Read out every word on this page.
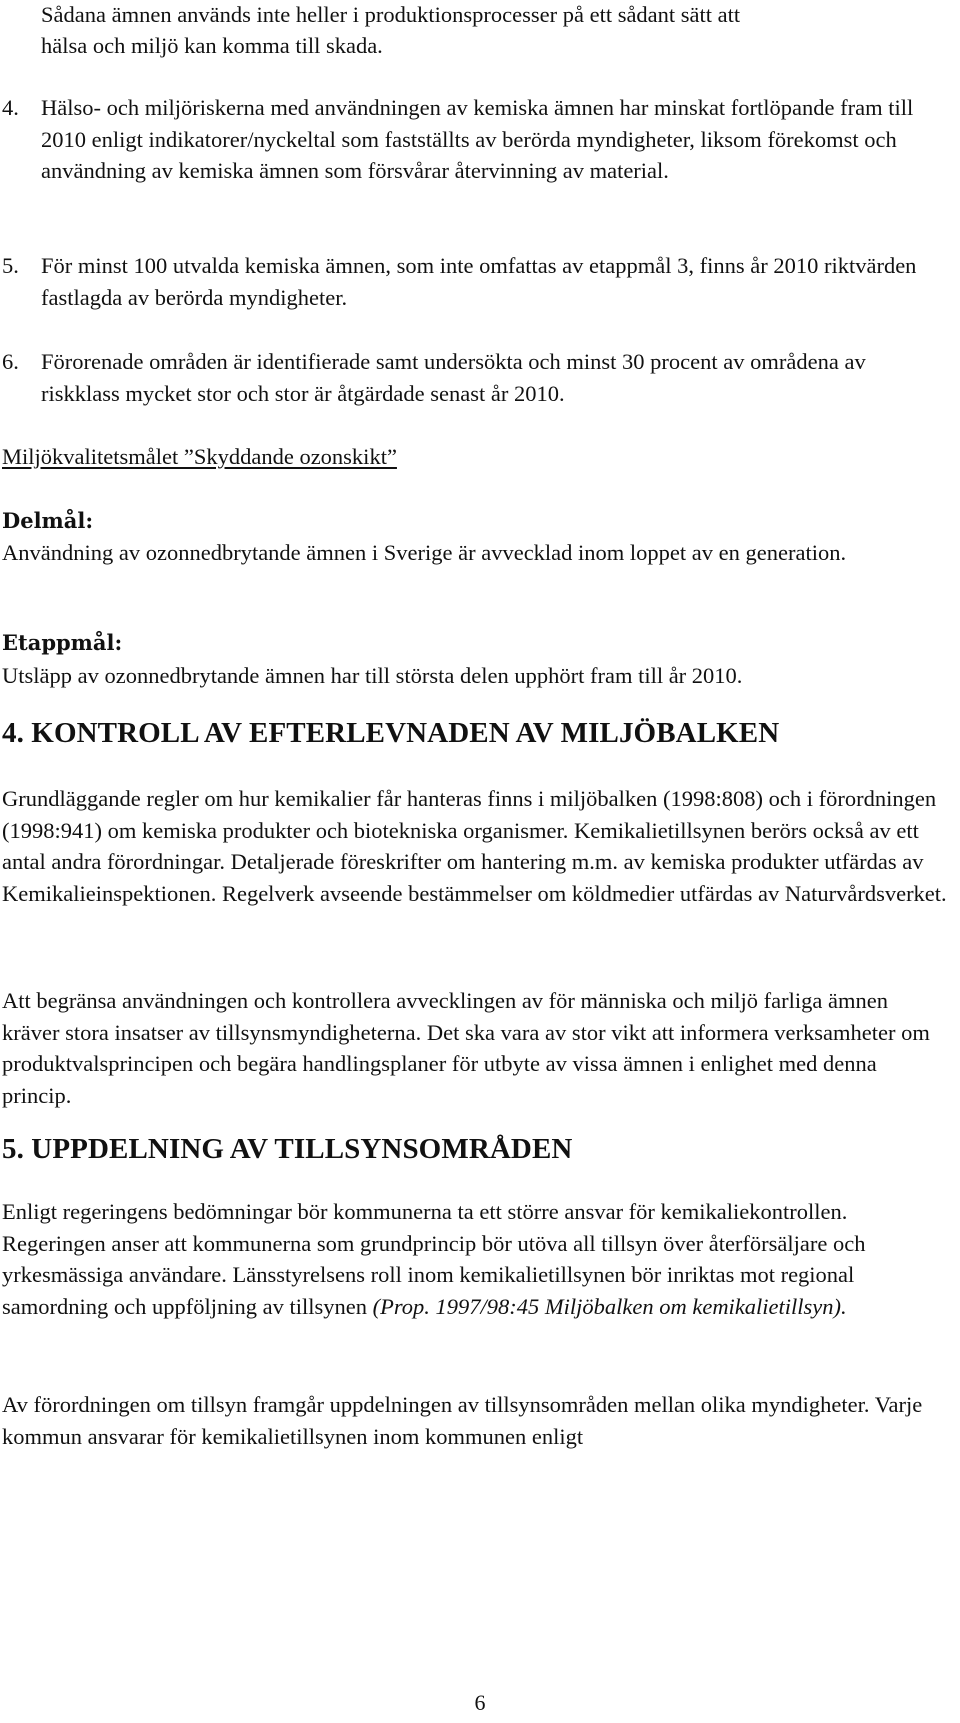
Sådana ämnen används inte heller i produktionsprocesser på ett sådant sätt att

hälsa och miljö kan komma till skada.

4. Hälso- och miljöriskerna med användningen av kemiska ämnen har minskat fortlöpande fram till 2010 enligt indikatorer/nyckeltal som fastställts av berörda myndigheter, liksom förekomst och användning av kemiska ämnen som försvårar återvinning av material.

5. För minst 100 utvalda kemiska ämnen, som inte omfattas av etappmål 3, finns år 2010 riktvärden fastlagda av berörda myndigheter.

6. Förorenade områden är identifierade samt undersökta och minst 30 procent av områdena av riskklass mycket stor och stor är åtgärdade senast år 2010.

Miljökvalitetsmålet ”Skyddande ozonskikt”

Delmål:

Användning av ozonnedbrytande ämnen i Sverige är avvecklad inom loppet av en generation.

Etappmål:

Utsläpp av ozonnedbrytande ämnen har till största delen upphört fram till år 2010.

4. KONTROLL AV EFTERLEVNADEN AV MILJÖBALKEN

Grundläggande regler om hur kemikalier får hanteras finns i miljöbalken (1998:808) och i förordningen (1998:941) om kemiska produkter och biotekniska organismer. Kemikalietillsynen berörs också av ett antal andra förordningar. Detaljerade föreskrifter om hantering m.m. av kemiska produkter utfärdas av Kemikalieinspektionen. Regelverk avseende bestämmelser om köldmedier utfärdas av Naturvårdsverket.

Att begränsa användningen och kontrollera avvecklingen av för människa och miljö farliga ämnen kräver stora insatser av tillsynsmyndigheterna. Det ska vara av stor vikt att informera verksamheter om produktvalsprincipen och begära handlingsplaner för utbyte av vissa ämnen i enlighet med denna princip.

5. UPPDELNING AV TILLSYNSOMRÅDEN

Enligt regeringens bedömningar bör kommunerna ta ett större ansvar för kemikaliekontrollen. Regeringen anser att kommunerna som grundprincip bör utöva all tillsyn över återförsäljare och yrkesmässiga användare. Länsstyrelsens roll inom kemikalietillsynen bör inriktas mot regional samordning och uppföljning av tillsynen (Prop. 1997/98:45 Miljöbalken om kemikalietillsyn).

Av förordningen om tillsyn framgår uppdelningen av tillsynsområden mellan olika myndigheter. Varje kommun ansvarar för kemikalietillsynen inom kommunen enligt

6
